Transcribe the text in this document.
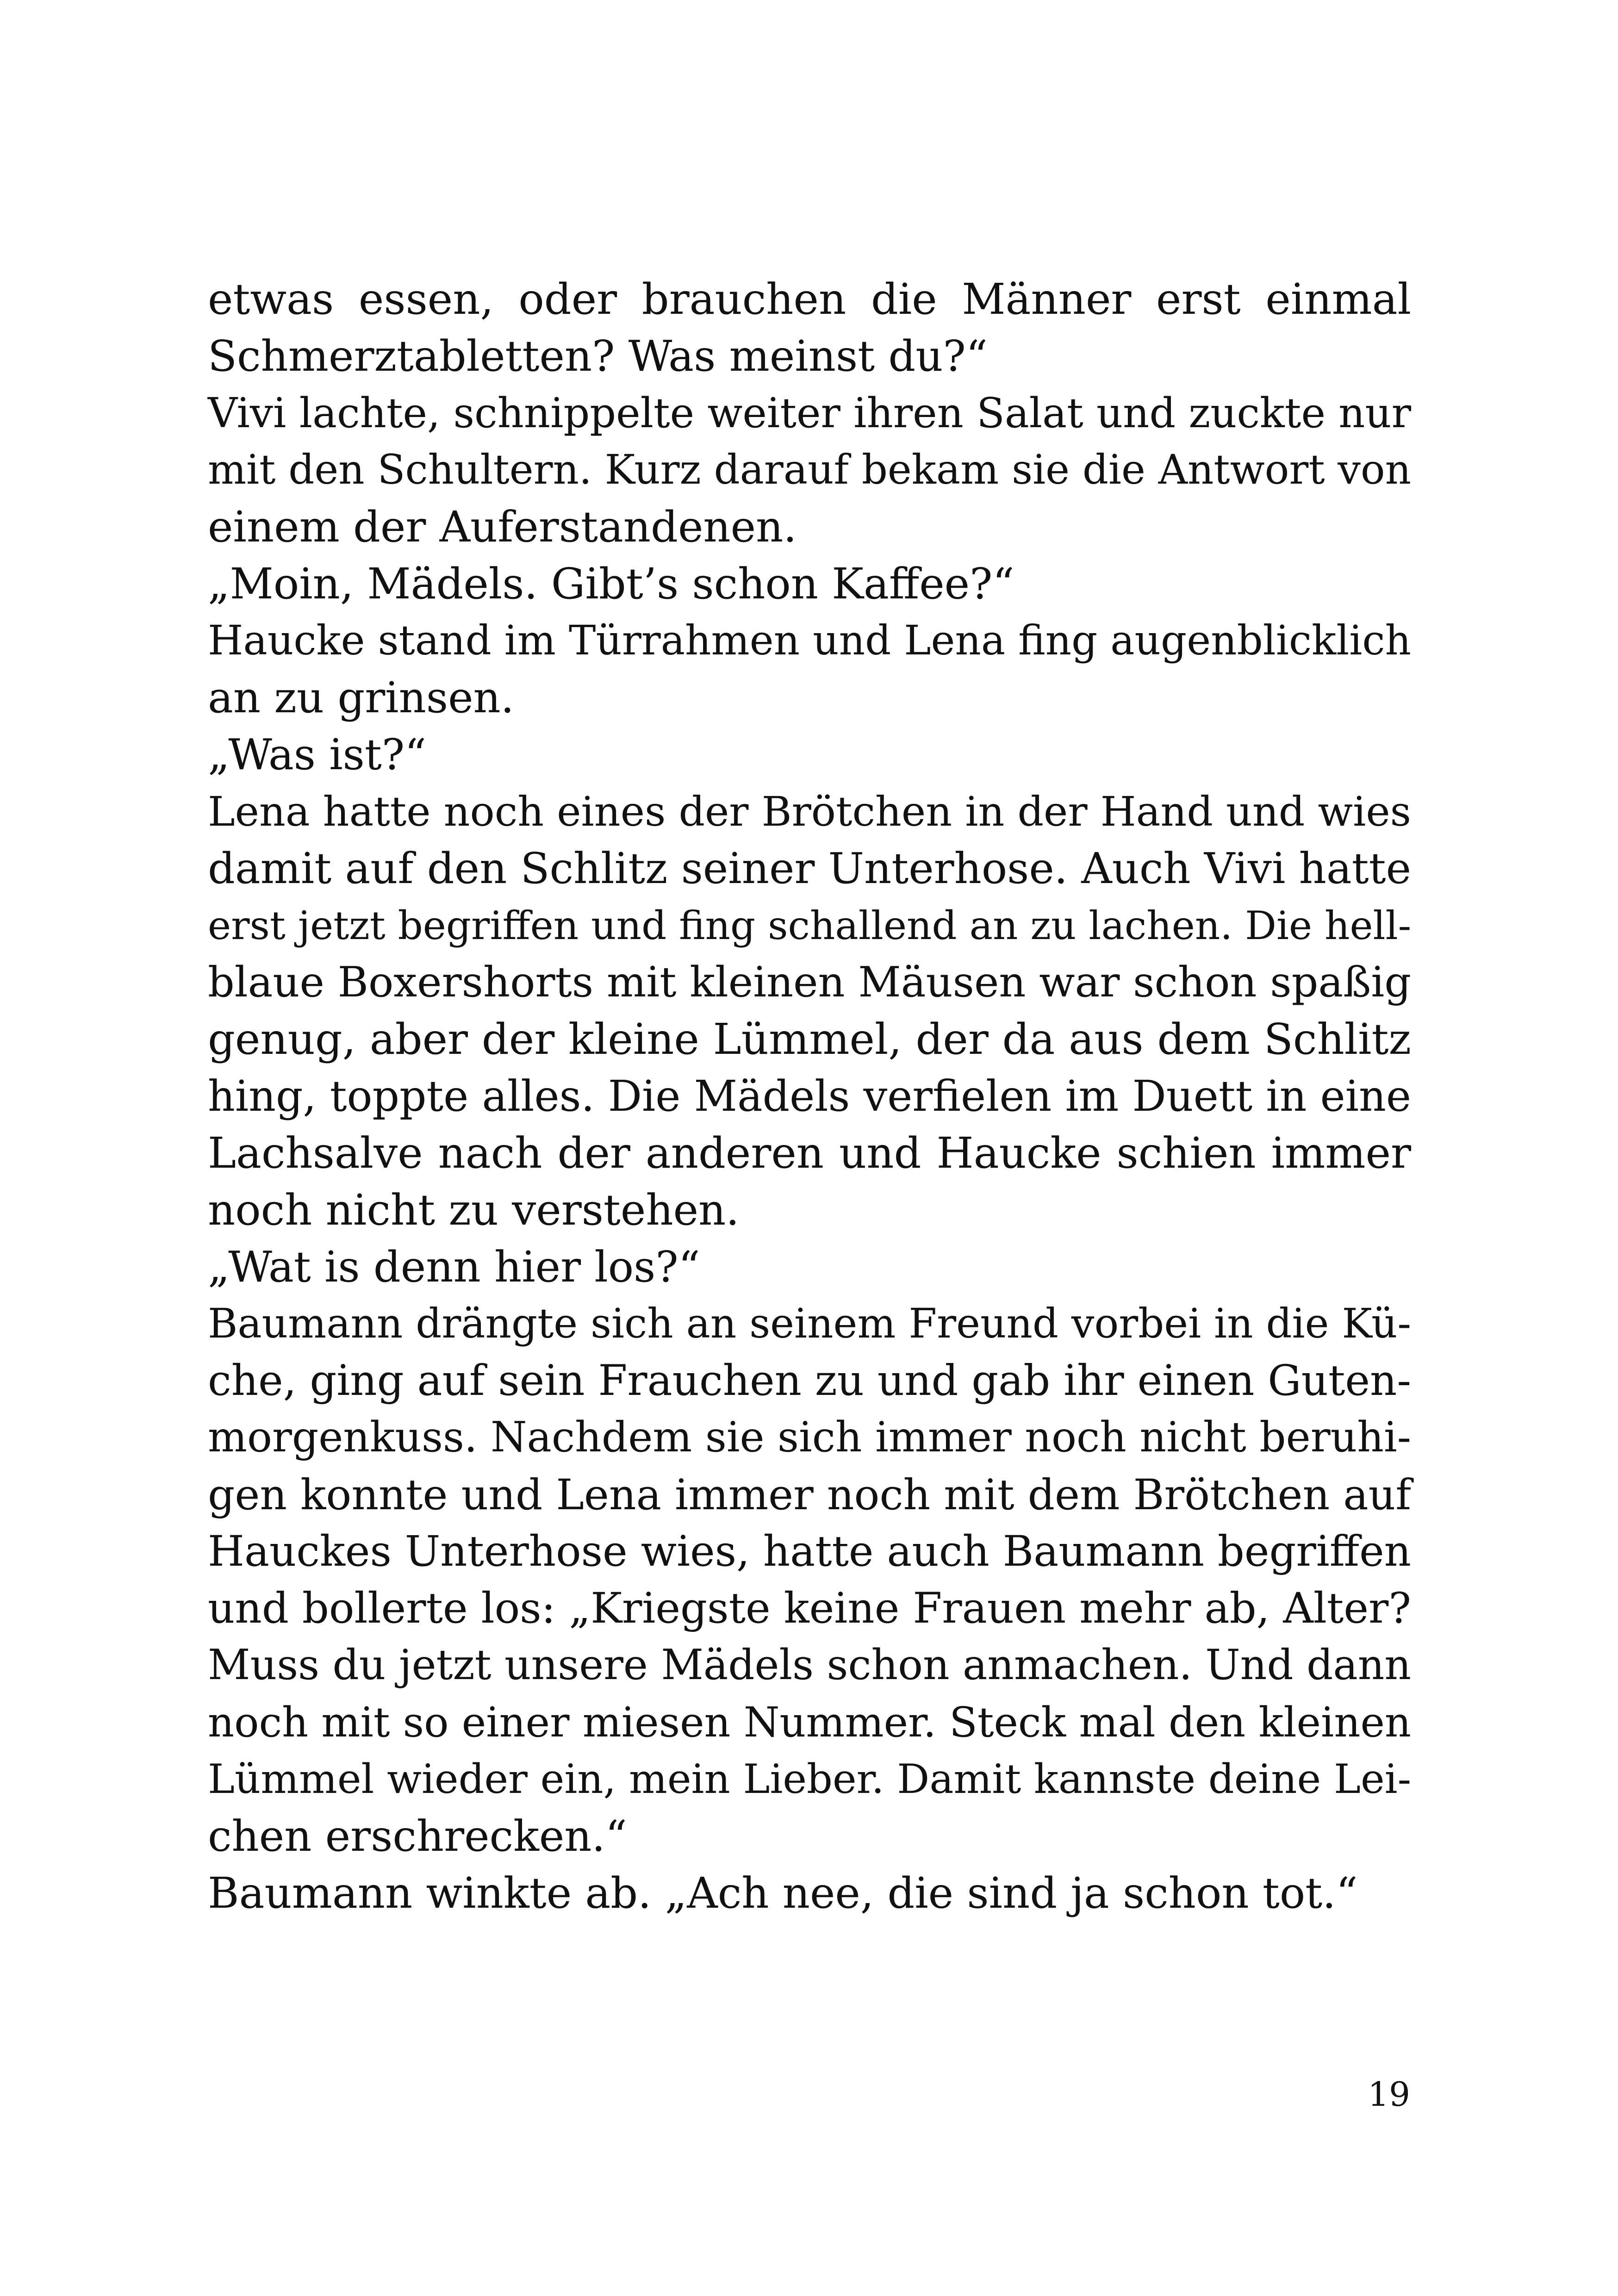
etwas essen, oder brauchen die Männer erst einmal
Schmerztabletten? Was meinst du?“
Vivi lachte, schnippelte weiter ihren Salat und zuckte nur
mit den Schultern. Kurz darauf bekam sie die Antwort von
einem der Auferstandenen.
„Moin, Mädels. Gibt’s schon Kaffee?“
Haucke stand im Türrahmen und Lena fing augenblicklich
an zu grinsen.
„Was ist?“
Lena hatte noch eines der Brötchen in der Hand und wies
damit auf den Schlitz seiner Unterhose. Auch Vivi hatte
erst jetzt begriffen und fing schallend an zu lachen. Die hell-
blaue Boxershorts mit kleinen Mäusen war schon spaßig
genug, aber der kleine Lümmel, der da aus dem Schlitz
hing, toppte alles. Die Mädels verfielen im Duett in eine
Lachsalve nach der anderen und Haucke schien immer
noch nicht zu verstehen.
„Wat is denn hier los?“
Baumann drängte sich an seinem Freund vorbei in die Kü-
che, ging auf sein Frauchen zu und gab ihr einen Guten-
morgenkuss. Nachdem sie sich immer noch nicht beruhi-
gen konnte und Lena immer noch mit dem Brötchen auf
Hauckes Unterhose wies, hatte auch Baumann begriffen
und bollerte los: „Kriegste keine Frauen mehr ab, Alter?
Muss du jetzt unsere Mädels schon anmachen. Und dann
noch mit so einer miesen Nummer. Steck mal den kleinen
Lümmel wieder ein, mein Lieber. Damit kannste deine Lei-
chen erschrecken.“
Baumann winkte ab. „Ach nee, die sind ja schon tot.“
19
